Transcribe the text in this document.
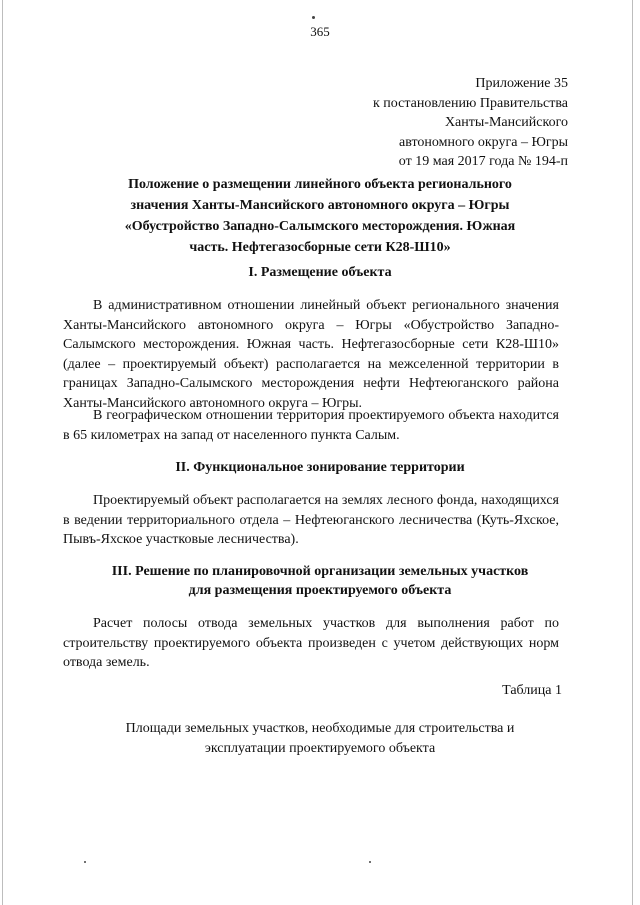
365
Приложение 35
к постановлению Правительства
Ханты-Мансийского
автономного округа – Югры
от 19 мая 2017 года № 194-п
Положение о размещении линейного объекта регионального
значения Ханты-Мансийского автономного округа – Югры
«Обустройство Западно-Салымского месторождения. Южная
часть. Нефтегазосборные сети К28-Ш10»
I. Размещение объекта
В административном отношении линейный объект регионального значения Ханты-Мансийского автономного округа – Югры «Обустройство Западно-Салымского месторождения. Южная часть. Нефтегазосборные сети К28-Ш10» (далее – проектируемый объект) располагается на межселенной территории в границах Западно-Салымского месторождения нефти Нефтеюганского района Ханты-Мансийского автономного округа – Югры.
В географическом отношении территория проектируемого объекта находится в 65 километрах на запад от населенного пункта Салым.
II. Функциональное зонирование территории
Проектируемый объект располагается на землях лесного фонда, находящихся в ведении территориального отдела – Нефтеюганского лесничества (Куть-Яхское, Пывъ-Яхское участковые лесничества).
III. Решение по планировочной организации земельных участков
для размещения проектируемого объекта
Расчет полосы отвода земельных участков для выполнения работ по строительству проектируемого объекта произведен с учетом действующих норм отвода земель.
Таблица 1
Площади земельных участков, необходимые для строительства и
эксплуатации проектируемого объекта
